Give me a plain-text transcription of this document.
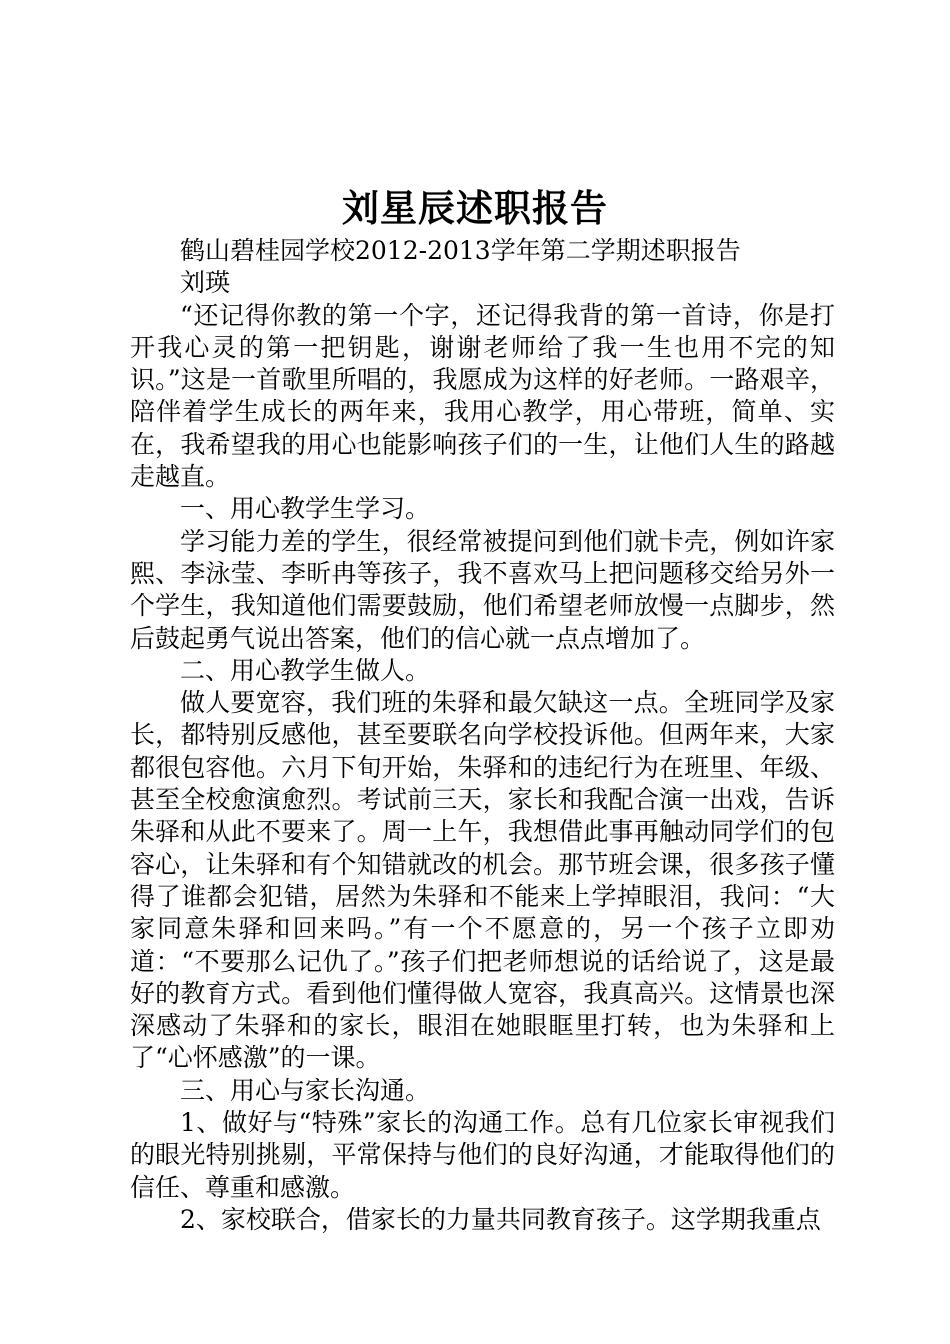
刘星辰述职报告

鹤山碧桂园学校2012-2013学年第二学期述职报告

刘瑛

“还记得你教的第一个字，还记得我背的第一首诗，你是打开我心灵的第一把钥匙，谢谢老师给了我一生也用不完的知识。”这是一首歌里所唱的，我愿成为这样的好老师。一路艰辛，陪伴着学生成长的两年来，我用心教学，用心带班，简单、实在，我希望我的用心也能影响孩子们的一生，让他们人生的路越走越直。

一、用心教学生学习。

学习能力差的学生，很经常被提问到他们就卡壳，例如许家熙、李泳莹、李昕冉等孩子，我不喜欢马上把问题移交给另外一个学生，我知道他们需要鼓励，他们希望老师放慢一点脚步，然后鼓起勇气说出答案，他们的信心就一点点增加了。

二、用心教学生做人。

做人要宽容，我们班的朱驿和最欠缺这一点。全班同学及家长，都特别反感他，甚至要联名向学校投诉他。但两年来，大家都很包容他。六月下旬开始，朱驿和的违纪行为在班里、年级、甚至全校愈演愈烈。考试前三天，家长和我配合演一出戏，告诉朱驿和从此不要来了。周一上午，我想借此事再触动同学们的包容心，让朱驿和有个知错就改的机会。那节班会课，很多孩子懂得了谁都会犯错，居然为朱驿和不能来上学掉眼泪，我问：“大家同意朱驿和回来吗。”有一个不愿意的，另一个孩子立即劝道：“不要那么记仇了。”孩子们把老师想说的话给说了，这是最好的教育方式。看到他们懂得做人宽容，我真高兴。这情景也深深感动了朱驿和的家长，眼泪在她眼眶里打转，也为朱驿和上了“心怀感激”的一课。

三、用心与家长沟通。

1、做好与“特殊”家长的沟通工作。总有几位家长审视我们的眼光特别挑剔，平常保持与他们的良好沟通，才能取得他们的信任、尊重和感激。

2、家校联合，借家长的力量共同教育孩子。这学期我重点
